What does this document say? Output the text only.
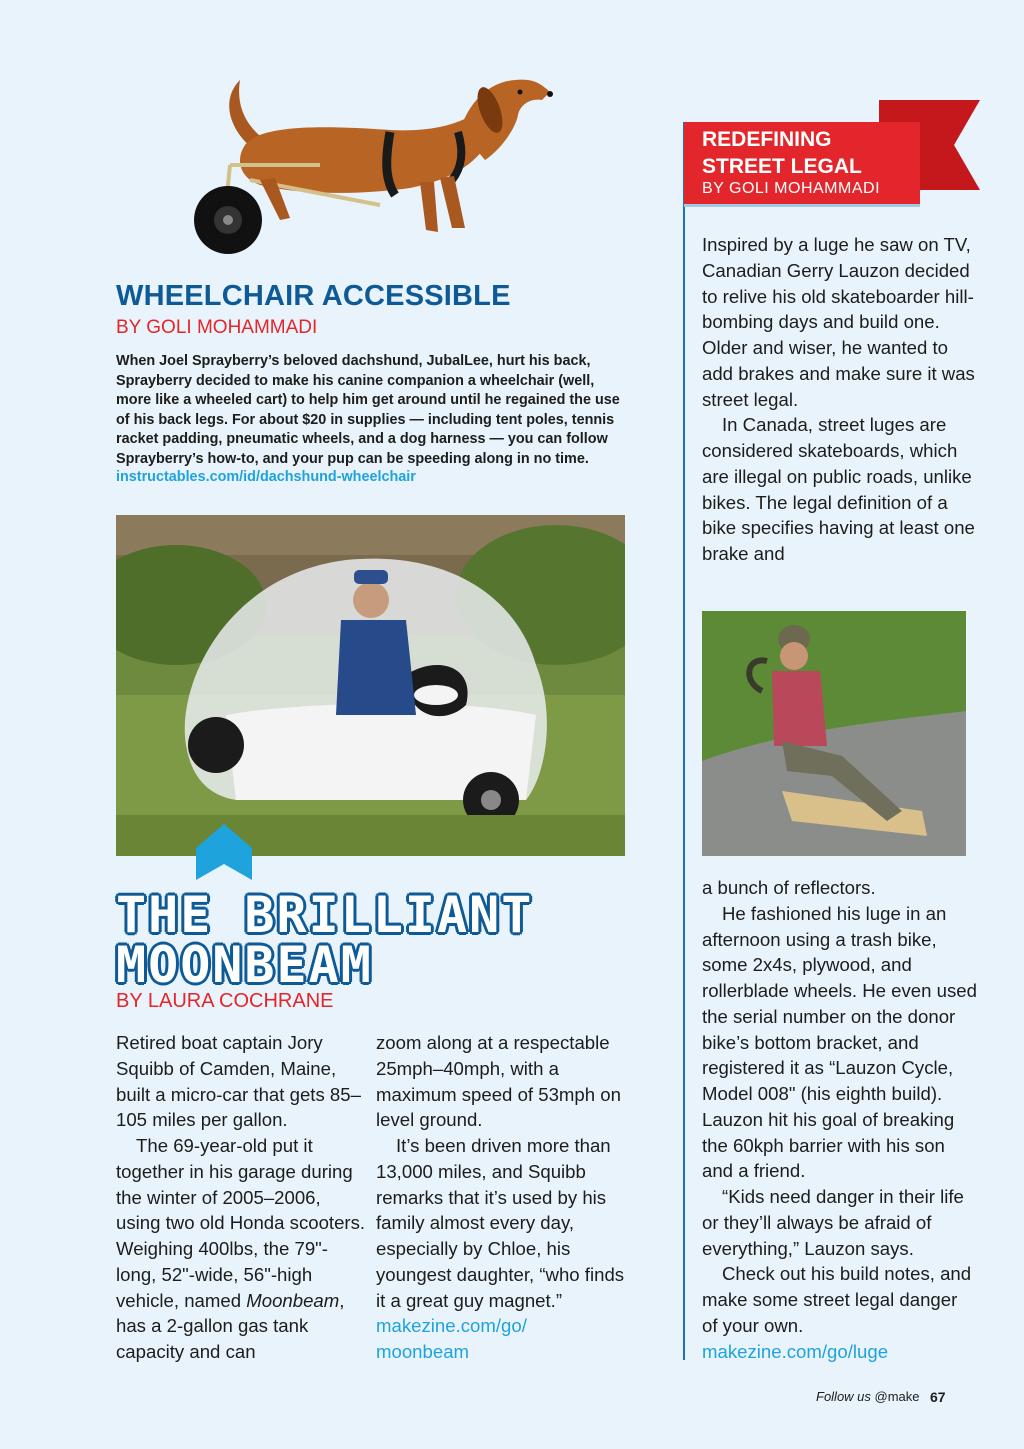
WHEELCHAIR ACCESSIBLE
BY GOLI MOHAMMADI
When Joel Sprayberry’s beloved dachshund, JubalLee, hurt his back, Sprayberry decided to make his canine companion a wheelchair (well, more like a wheeled cart) to help him get around until he regained the use of his back legs. For about $20 in supplies — including tent poles, tennis racket padding, pneumatic wheels, and a dog harness — you can follow Sprayberry’s how-to, and your pup can be speeding along in no time.
instructables.com/id/dachshund-wheelchair
THE BRILLIANT
MOONBEAM
BY LAURA COCHRANE

Retired boat captain Jory Squibb of Camden, Maine, built a micro-car that gets 85–105 miles per gallon.

The 69-year-old put it together in his garage during the winter of 2005–2006, using two old Honda scooters. Weighing 400lbs, the 79"-long, 52"-wide, 56"-high vehicle, named Moonbeam, has a 2-gallon gas tank capacity and can

zoom along at a respectable 25mph–40mph, with a maximum speed of 53mph on level ground.

It’s been driven more than 13,000 miles, and Squibb remarks that it’s used by his family almost every day, especially by Chloe, his youngest daughter, “who finds it a great guy magnet.”

makezine.com/go/
moonbeam

REDEFINING
STREET LEGAL
BY GOLI MOHAMMADI

Inspired by a luge he saw on TV, Canadian Gerry Lauzon decided to relive his old skateboarder hill-bombing days and build one. Older and wiser, he wanted to add brakes and make sure it was street legal.

In Canada, street luges are considered skateboards, which are illegal on public roads, unlike bikes. The legal definition of a bike specifies having at least one brake and

a bunch of reflectors.

He fashioned his luge in an afternoon using a trash bike, some 2x4s, plywood, and rollerblade wheels. He even used the serial number on the donor bike’s bottom bracket, and registered it as “Lauzon Cycle, Model 008" (his eighth build). Lauzon hit his goal of breaking the 60kph barrier with his son and a friend.

“Kids need danger in their life or they’ll always be afraid of everything,” Lauzon says.

Check out his build notes, and make some street legal danger of your own.

makezine.com/go/luge

Follow us @make 67
